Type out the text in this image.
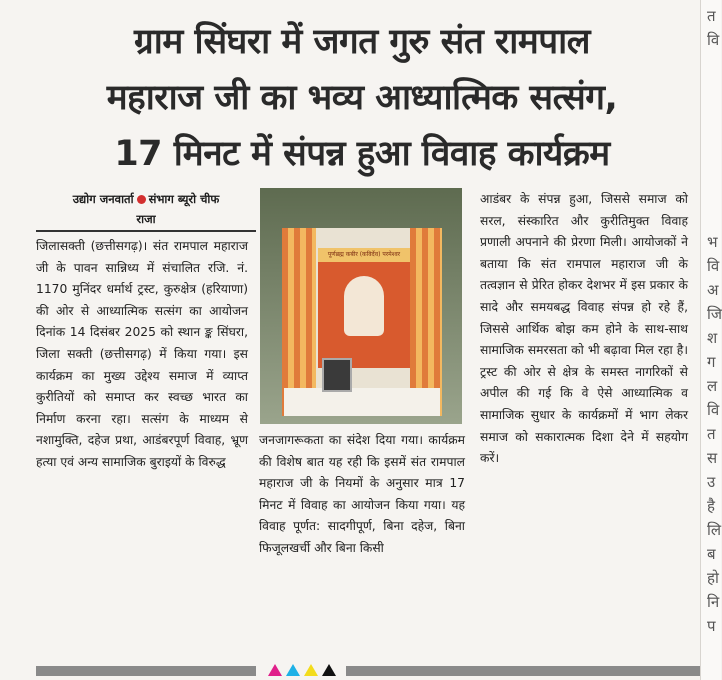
ग्राम सिंघरा में जगत गुरु संत रामपाल
महाराज जी का भव्य आध्यात्मिक सत्संग,
17 मिनट में संपन्न हुआ विवाह कार्यक्रम
उद्योग जनवार्ता संभाग ब्यूरो चीफ
राजा
जिलासक्ती (छत्तीसगढ़)। संत रामपाल महाराज जी के पावन सान्निध्य में संचालित रजि. नं. 1170 मुनिंदर धर्मार्थ ट्रस्ट, कुरुक्षेत्र (हरियाणा) की ओर से आध्यात्मिक सत्संग का आयोजन दिनांक 14 दिसंबर 2025 को स्थान ङ्क सिंघरा, जिला सक्ती (छत्तीसगढ़) में किया गया। इस कार्यक्रम का मुख्य उद्देश्य समाज में व्याप्त कुरीतियों को समाप्त कर स्वच्छ भारत का निर्माण करना रहा। सत्संग के माध्यम से नशामुक्ति, दहेज प्रथा, आडंबरपूर्ण विवाह, भ्रूण हत्या एवं अन्य सामाजिक बुराइयों के विरुद्ध
पूर्णब्रह्म कबीर (कविर्देव) परमेश्वर
जनजागरूकता का संदेश दिया गया। कार्यक्रम की विशेष बात यह रही कि इसमें संत रामपाल महाराज जी के नियमों के अनुसार मात्र 17 मिनट में विवाह का आयोजन किया गया। यह विवाह पूर्णत: सादगीपूर्ण, बिना दहेज, बिना फिजूलखर्ची और बिना किसी
आडंबर के संपन्न हुआ, जिससे समाज को सरल, संस्कारित और कुरीतिमुक्त विवाह प्रणाली अपनाने की प्रेरणा मिली। आयोजकों ने बताया कि संत रामपाल महाराज जी के तत्वज्ञान से प्रेरित होकर देशभर में इस प्रकार के सादे और समयबद्ध विवाह संपन्न हो रहे हैं, जिससे आर्थिक बोझ कम होने के साथ-साथ सामाजिक समरसता को भी बढ़ावा मिल रहा है। ट्रस्ट की ओर से क्षेत्र के समस्त नागरिकों से अपील की गई कि वे ऐसे आध्यात्मिक व सामाजिक सुधार के कार्यक्रमों में भाग लेकर समाज को सकारात्मक दिशा देने में सहयोग करें।
त
वि
भ
वि
अ
जि
श
ग
ल
वि
त
स
उ
है
लि
ब
हो
नि
प
